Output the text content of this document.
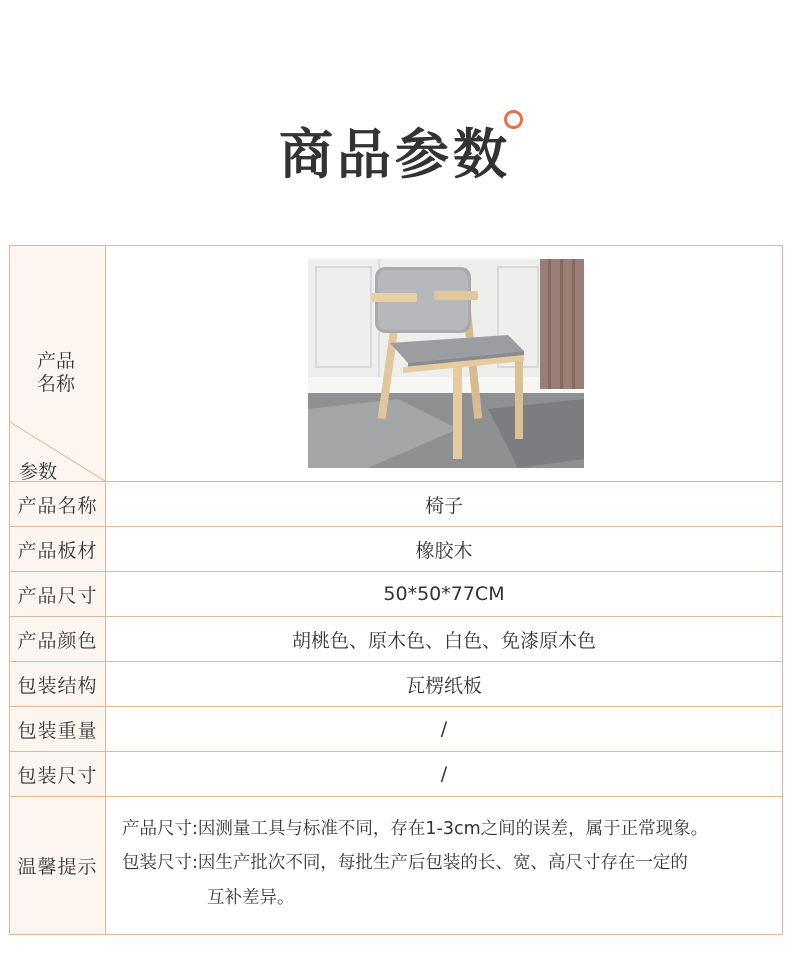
商品参数
产品
名称
参数

产品名称	椅子

产品板材	橡胶木

产品尺寸	50*50*77CM

产品颜色	胡桃色、原木色、白色、免漆原木色

包装结构	瓦楞纸板

包装重量	/

包装尺寸	/

温馨提示	产品尺寸:因测量工具与标准不同，存在1-3cm之间的误差，属于正常现象。
包装尺寸:因生产批次不同，每批生产后包装的长、宽、高尺寸存在一定的
互补差异。
